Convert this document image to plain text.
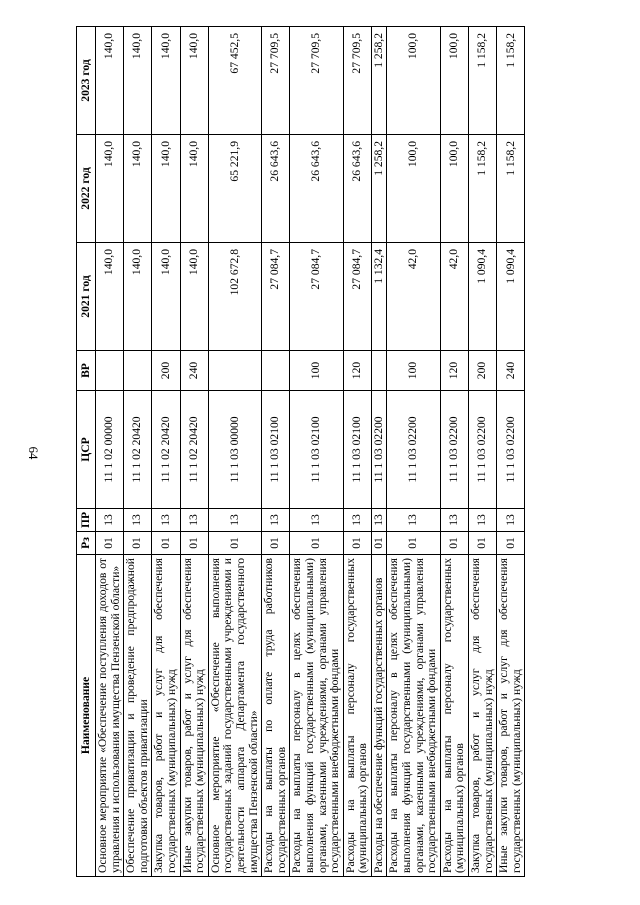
64
Наименование	Рз	ПР	ЦСР	ВР	2021 год	2022 год	2023 год
Основное мероприятие «Обеспечение поступления доходов от управления и использования имущества Пензенской области»	01	13	11 1 02 00000		140,0	140,0	140,0
Обеспечение приватизации и проведение предпродажной подготовки объектов приватизации	01	13	11 1 02 20420		140,0	140,0	140,0
Закупка товаров, работ и услуг для обеспечения государственных (муниципальных) нужд	01	13	11 1 02 20420	200	140,0	140,0	140,0
Иные закупки товаров, работ и услуг для обеспечения государственных (муниципальных) нужд	01	13	11 1 02 20420	240	140,0	140,0	140,0
Основное мероприятие «Обеспечение выполнения государственных заданий государственными учреждениями и деятельности аппарата Департамента государственного имущества Пензенской области»	01	13	11 1 03 00000		102 672,8	65 221,9	67 452,5
Расходы на выплаты по оплате труда работников государственных органов	01	13	11 1 03 02100		27 084,7	26 643,6	27 709,5
Расходы на выплаты персоналу в целях обеспечения выполнения функций государственными (муниципальными) органами, казенными учреждениями, органами управления государственными внебюджетными фондами	01	13	11 1 03 02100	100	27 084,7	26 643,6	27 709,5
Расходы на выплаты персоналу государственных (муниципальных) органов	01	13	11 1 03 02100	120	27 084,7	26 643,6	27 709,5
Расходы на обеспечение функций государственных органов	01	13	11 1 03 02200		1 132,4	1 258,2	1 258,2
Расходы на выплаты персоналу в целях обеспечения выполнения функций государственными (муниципальными) органами, казенными учреждениями, органами управления государственными внебюджетными фондами	01	13	11 1 03 02200	100	42,0	100,0	100,0
Расходы на выплаты персоналу государственных (муниципальных) органов	01	13	11 1 03 02200	120	42,0	100,0	100,0
Закупка товаров, работ и услуг для обеспечения государственных (муниципальных) нужд	01	13	11 1 03 02200	200	1 090,4	1 158,2	1 158,2
Иные закупки товаров, работ и услуг для обеспечения государственных (муниципальных) нужд	01	13	11 1 03 02200	240	1 090,4	1 158,2	1 158,2
